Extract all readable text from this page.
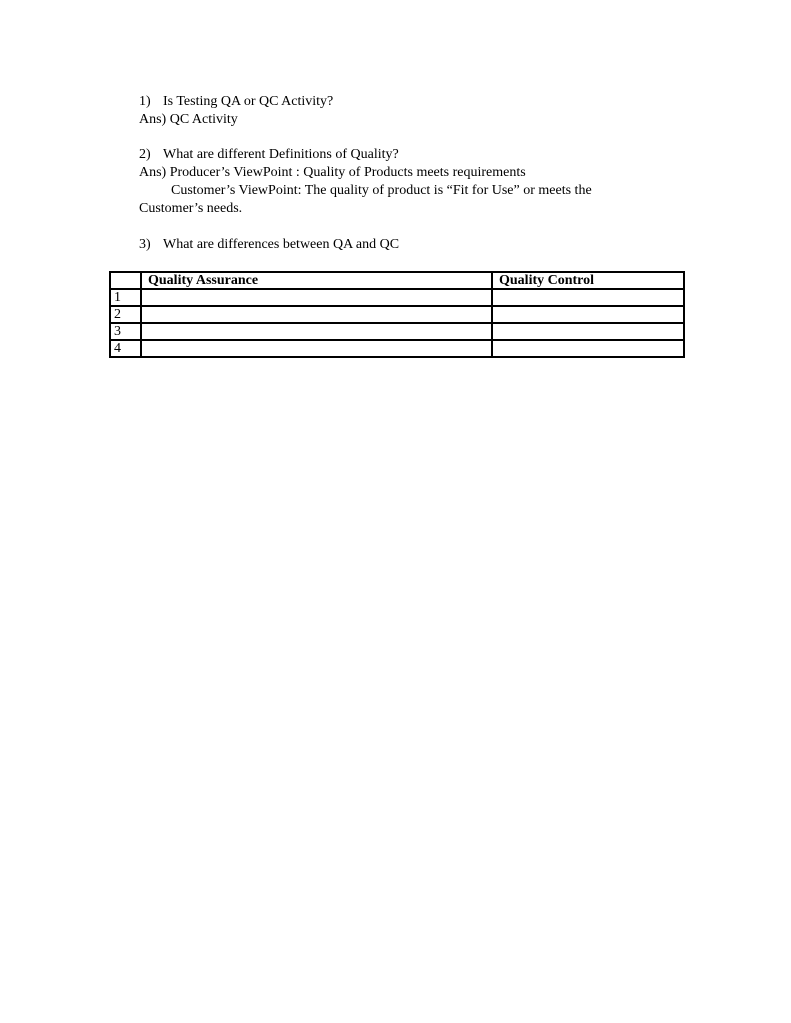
1) Is Testing QA or QC Activity?
Ans) QC Activity
2) What are different Definitions of Quality?
Ans) Producer’s ViewPoint : Quality of Products meets requirements
Customer’s ViewPoint: The quality of product is “Fit for Use” or meets the
Customer’s needs.
3) What are differences between QA and QC
	Quality Assurance	Quality Control
1		
2		
3		
4		
